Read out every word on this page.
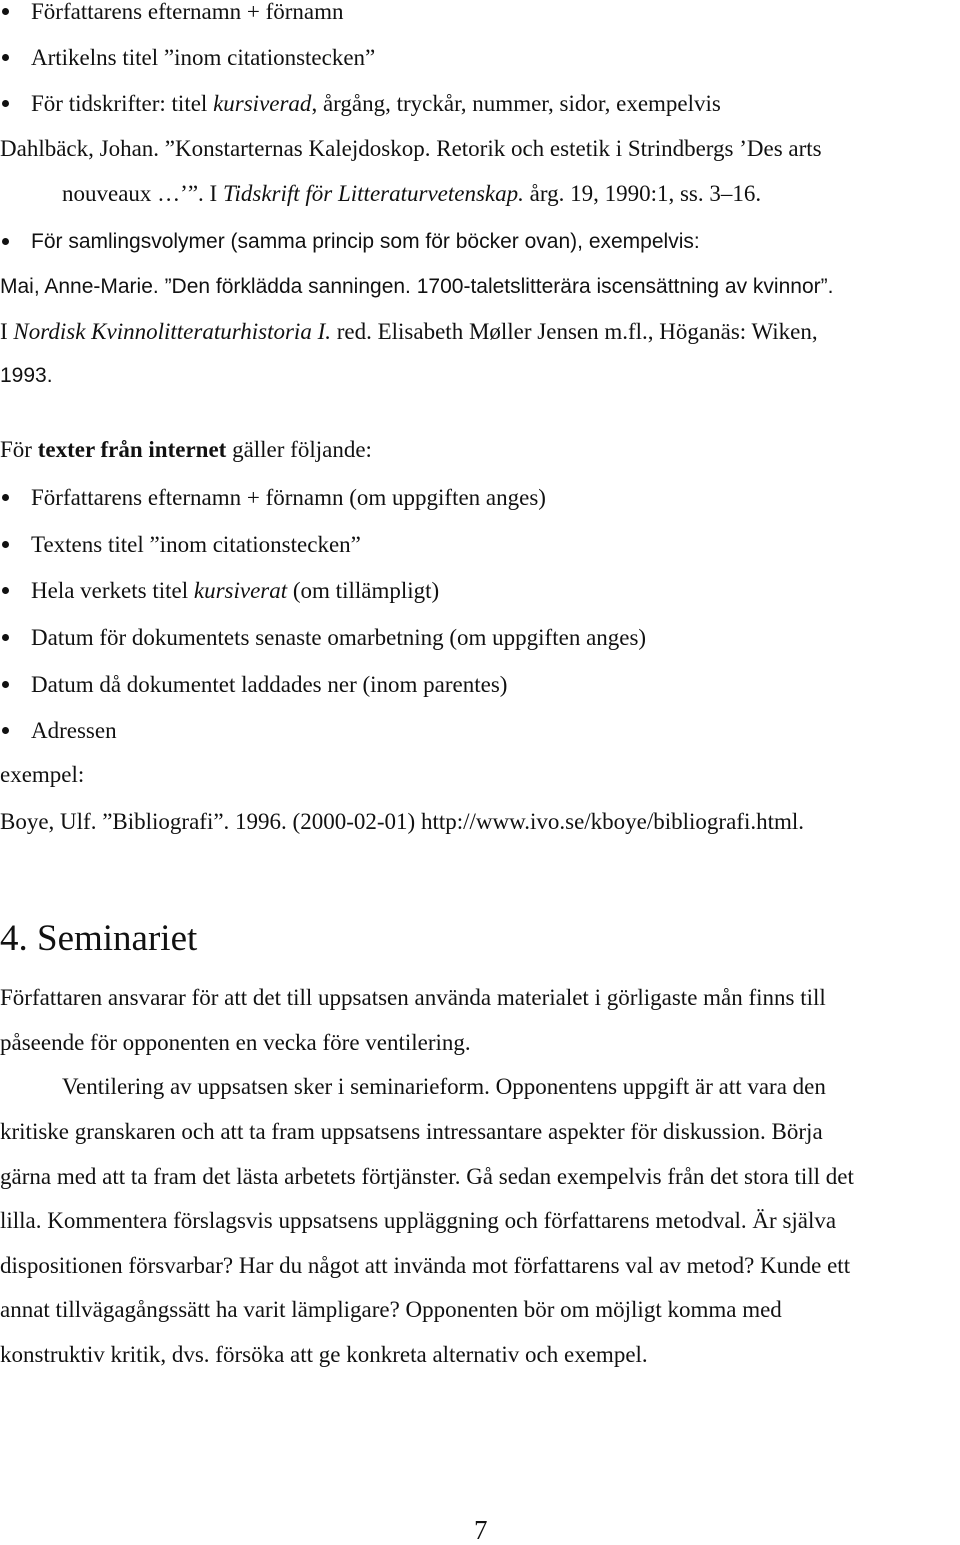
Författarens efternamn + förnamn
Artikelns titel ”inom citationstecken”
För tidskrifter: titel kursiverad, årgång, tryckår, nummer, sidor, exempelvis
Dahlbäck, Johan. ”Konstarternas Kalejdoskop. Retorik och estetik i Strindbergs ’Des arts
nouveaux …’”. I Tidskrift för Litteraturvetenskap. årg. 19, 1990:1, ss. 3–16.
För samlingsvolymer (samma princip som för böcker ovan), exempelvis:
Mai, Anne-Marie. ”Den förklädda sanningen. 1700-taletslitterära iscensättning av kvinnor”.
I Nordisk Kvinnolitteraturhistoria I. red. Elisabeth Møller Jensen m.fl., Höganäs: Wiken,
1993.
För texter från internet gäller följande:
Författarens efternamn + förnamn (om uppgiften anges)
Textens titel ”inom citationstecken”
Hela verkets titel kursiverat (om tillämpligt)
Datum för dokumentets senaste omarbetning (om uppgiften anges)
Datum då dokumentet laddades ner (inom parentes)
Adressen
exempel:
Boye, Ulf. ”Bibliografi”. 1996. (2000-02-01) http://www.ivo.se/kboye/bibliografi.html.
4. Seminariet
Författaren ansvarar för att det till uppsatsen använda materialet i görligaste mån finns till
påseende för opponenten en vecka före ventilering.
Ventilering av uppsatsen sker i seminarieform. Opponentens uppgift är att vara den
kritiske granskaren och att ta fram uppsatsens intressantare aspekter för diskussion. Börja
gärna med att ta fram det lästa arbetets förtjänster. Gå sedan exempelvis från det stora till det
lilla. Kommentera förslagsvis uppsatsens uppläggning och författarens metodval. Är själva
dispositionen försvarbar? Har du något att invända mot författarens val av metod? Kunde ett
annat tillvägagångssätt ha varit lämpligare? Opponenten bör om möjligt komma med
konstruktiv kritik, dvs. försöka att ge konkreta alternativ och exempel.
7
